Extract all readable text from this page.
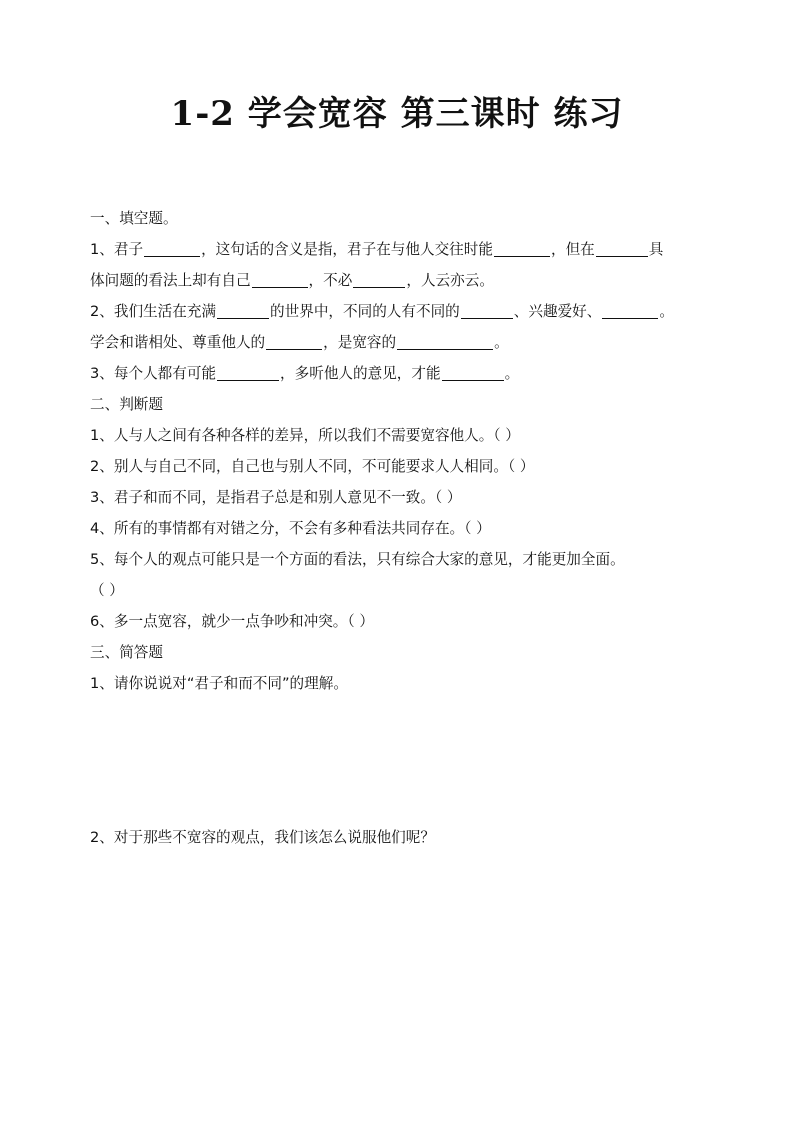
1-2 学会宽容 第三课时 练习
一、填空题。
1、君子	，这句话的含义是指，君子在与他人交往时能	，但在	具
体问题的看法上却有自己	，不必	，人云亦云。
2、我们生活在充满	的世界中，不同的人有不同的	、兴趣爱好、	。
学会和谐相处、尊重他人的	，是宽容的	。
3、每个人都有可能	，多听他人的意见，才能	。
二、判断题
1、人与人之间有各种各样的差异，所以我们不需要宽容他人。（ ）
2、别人与自己不同，自己也与别人不同，不可能要求人人相同。（ ）
3、君子和而不同，是指君子总是和别人意见不一致。（ ）
4、所有的事情都有对错之分，不会有多种看法共同存在。（ ）
5、每个人的观点可能只是一个方面的看法，只有综合大家的意见，才能更加全面。
（ ）
6、多一点宽容，就少一点争吵和冲突。（ ）
三、简答题
1、请你说说对“君子和而不同”的理解。
2、对于那些不宽容的观点，我们该怎么说服他们呢？
